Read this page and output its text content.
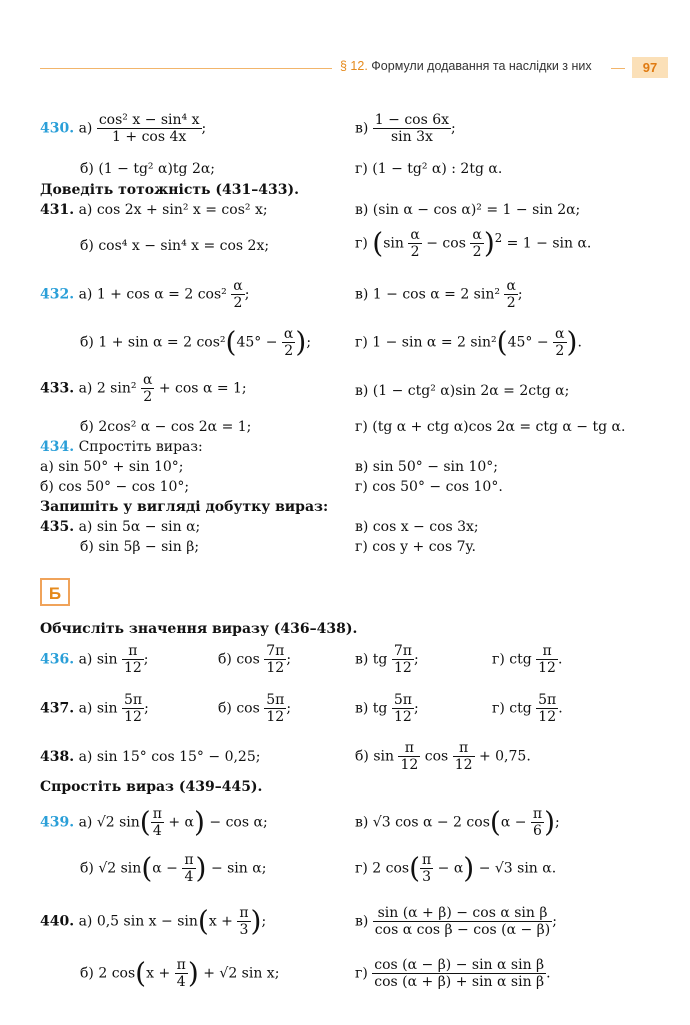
§ 12. Формули додавання та наслідки з них	97
430. $а) \frac{\text{cos² x − sin⁴ x}}{1 + \cos 4x}$ ;	$в) \frac{1 - \cos 6x}{\sin 3x}$ ;
б) (1 − tg² α)tg 2α;	г) (1 − tg² α) : 2tg α.
Доведіть тотожність (431–433).
431. а) cos 2x + sin² x = cos² x;	в) (sin α − cos α)² = 1 − sin 2α;
б) cos⁴ x − sin⁴ x = cos 2x;	г) $(\sin \frac{\alpha}{2} - \cos \frac{\alpha}{2} )^2 = 1 - \sin \alpha$.
432. а) 1 + cos α = 2 $\cos^2 \frac{\alpha}{2}$ ;	в) 1 − cos α = 2 $\sin^2 \frac{\alpha}{2}$ ;
б) 1 + sin α = 2 $\cos^2(45^\circ - \frac{\alpha}{2}$ );	г) 1 − sin α = 2 $\sin^2(45^\circ - \frac{\alpha}{2}$ ).
433. а) 2 $\sin^2 \frac{\alpha}{2} + \cos \alpha = 1$;	в) (1 − ctg² α)sin 2α = 2ctg α;
б) 2cos² α − cos 2α = 1;	г) (tg α + ctg α)cos 2α = ctg α − tg α.
434. Спростіть вираз:
а) sin 50° + sin 10°;	в) sin 50° − sin 10°;
б) cos 50° − cos 10°;	г) cos 50° − cos 10°.
Запишіть у вигляді добутку вираз:
435. а) sin 5α − sin α;	в) cos x − cos 3x;
б) sin 5β − sin β;	г) cos y + cos 7y.
Б
Обчисліть значення виразу (436–438).
436. а) $\sin \frac{\pi}{12}$ ;	б) $\cos \frac{7\pi}{12}$ ;	в) tg $\frac{7\pi}{12}$ ;	г) ctg $\frac{\pi}{12}$ .
437. а) $\sin \frac{5\pi}{12}$ ;	б) $\cos \frac{5\pi}{12}$ ;	в) tg $\frac{5\pi}{12}$ ;	г) ctg $\frac{5\pi}{12}$ .
438. а) sin 15° cos 15° − 0,25;	б) $\sin \frac{\pi}{12}$ $\cos \frac{\pi}{12} + 0,75$.
Спростіть вираз (439–445).
439. а) √2 $\sin( \frac{\pi}{4} + \alpha) - \cos \alpha$;	в) √3 cos α − 2 $\cos(\alpha - \frac{\pi}{6}$ );
б) √2 $\sin(\alpha - \frac{\pi}{4}$ ) − sin α;	г) 2 $\cos( \frac{\pi}{3} - \alpha) - √3$ sin α.
440. а) 0,5 $\sin x - \sin(x + \frac{\pi}{3}$ );	$в) \frac{\text{sin (α + β) − cos α sin β}}{\text{cos α cos β − cos (α − β)}}$ ;
б) 2 $\cos(x + \frac{\pi}{4}$ ) + √2 sin x;	$г) \frac{\text{cos (α − β) − sin α sin β}}{\text{cos (α + β) + sin α sin β}}$ .
